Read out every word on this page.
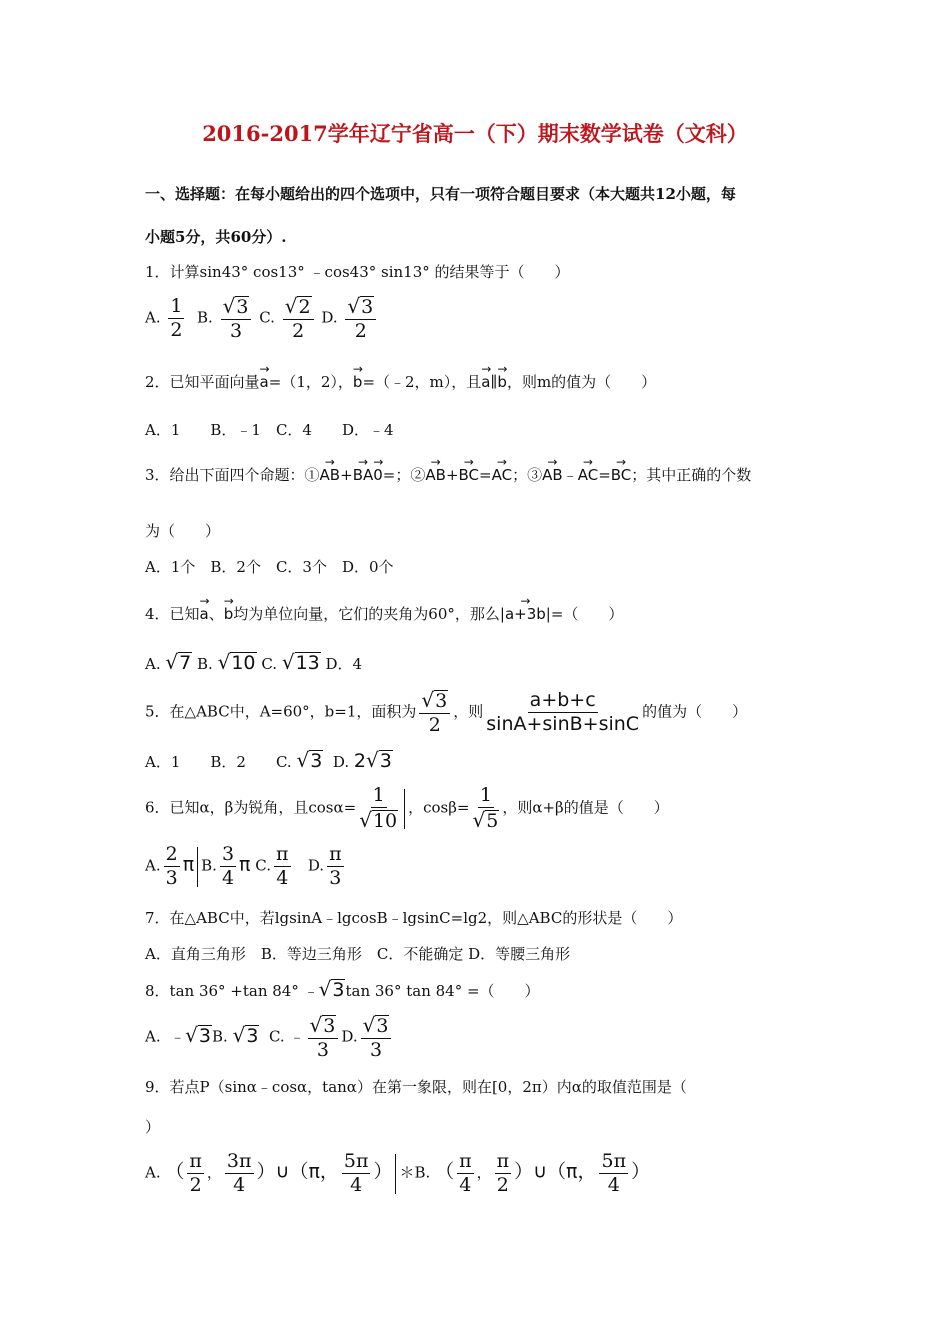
2016-2017学年辽宁省高一（下）期末数学试卷（文科）
一、选择题：在每小题给出的四个选项中，只有一项符合题目要求（本大题共12小题，每
小题5分，共60分）.
1．计算sin43° cos13° ﹣cos43° sin13° 的结果等于（　　）
A. $\frac{1}{2} B$. $\frac{√ 3}{3} C$. $\frac{√ 2}{2} D$. $\frac{√ 3}{2}$
2．已知平面向量→ a=（1，2），→ b=（﹣2，m），且→ a∥→ b，则m的值为（　　）
A．1　　B．﹣1　C．4　　D．﹣4
3．给出下面四个命题：①→ AB+→ BA→ 0=；②→ AB+→ BC=→ AC；③→ AB﹣→ AC=→ BC；其中正确的个数
为（　　）
A．1个　B．2个　C．3个　D．0个
4．已知→ a、→ b均为单位向量，它们的夹角为60°，那么|→ a+3b|=（　　）
A. √ 7 B. √ 10 C. √ 13 D．4
5．在△ABC中，A=60°，b=1，面积为 $\frac{√ 3}{2}$ ，则 $\frac{a+b+c}{\sin A+\sin B+\sin C}$ 的值为（　　）
A．1　　B．2　　C. √ 3 D. 2 √ 3
6．已知α，β为锐角，且$\cos\alpha= \frac{1}{√ 10}$ ，$\cos\beta= \frac{1}{√ 5}$ ，则α+β的值是（　　）
A. $\frac{2}{3}$ π B. $\frac{3}{4}$ π C. $\frac{\pi}{4} D$. $\frac{\pi}{3}$
7．在△ABC中，若lgsinA﹣lgcosB﹣lgsinC=lg2，则△ABC的形状是（　　）
A．直角三角形　B．等边三角形　C．不能确定 D．等腰三角形
8．tan 36° +tan 84° ﹣ √ 3 tan 36° tan 84° =（　　）
A. ﹣ √ 3 B. √ 3 C. ﹣ $\frac{√ 3}{3} D$. $\frac{√ 3}{3}$
9．若点P（sinα﹣cosα，tanα）在第一象限，则在[0，2π）内α的取值范围是（
）
A. （ $\frac{\pi}{2}$ ， $\frac{3\pi}{4}$ ）∪（π， $\frac{5\pi}{4}$ ） ＊B. （ $\frac{\pi}{4}$ ， $\frac{\pi}{2}$ ）∪（π， $\frac{5\pi}{4}$ ）
